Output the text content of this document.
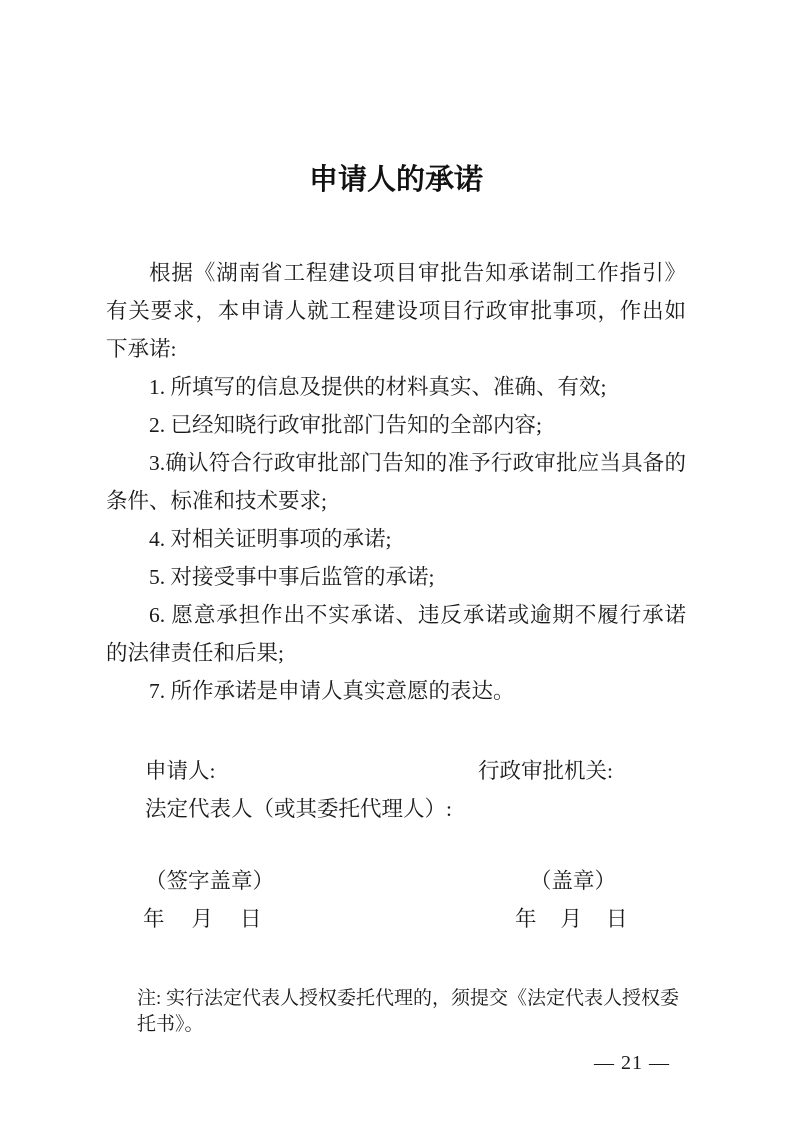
申请人的承诺

根据《湖南省工程建设项目审批告知承诺制工作指引》有关要求，本申请人就工程建设项目行政审批事项，作出如下承诺:

1. 所填写的信息及提供的材料真实、准确、有效;

2. 已经知晓行政审批部门告知的全部内容;

3.确认符合行政审批部门告知的准予行政审批应当具备的条件、标准和技术要求;

4. 对相关证明事项的承诺;

5. 对接受事中事后监管的承诺;

6. 愿意承担作出不实承诺、违反承诺或逾期不履行承诺的法律责任和后果;

7. 所作承诺是申请人真实意愿的表达。

申请人:	行政审批机关:
法定代表人（或其委托代理人）:
（签字盖章）	（盖章）
年 月 日	年 月 日

注: 实行法定代表人授权委托代理的，须提交《法定代表人授权委托书》。

— 21 —
